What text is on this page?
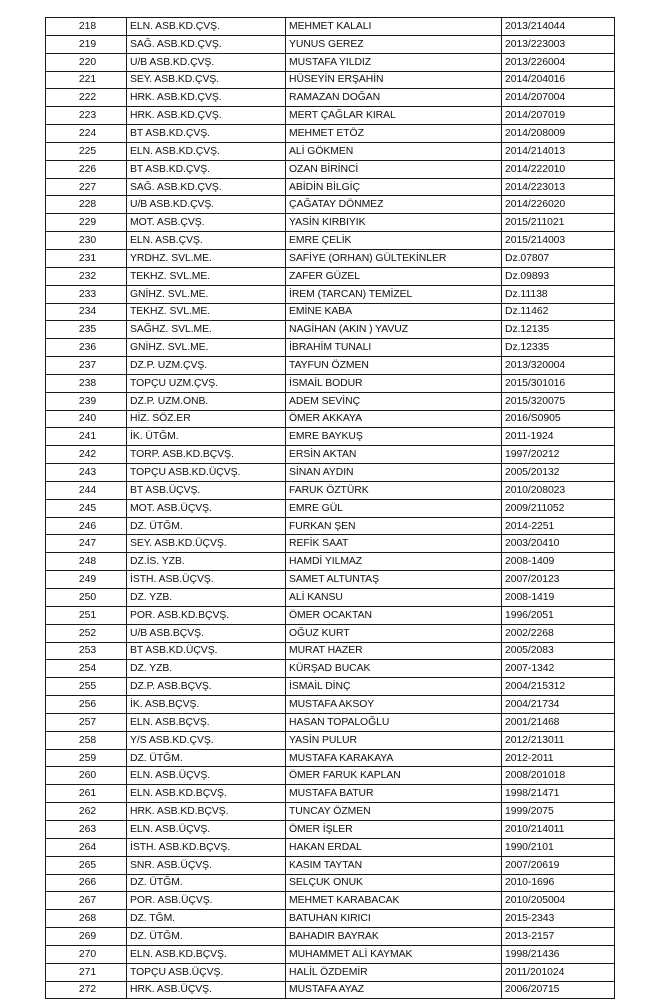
218	ELN. ASB.KD.ÇVŞ.	MEHMET KALALI	2013/214044
219	SAĞ. ASB.KD.ÇVŞ.	YUNUS GEREZ	2013/223003
220	U/B ASB.KD.ÇVŞ.	MUSTAFA YILDIZ	2013/226004
221	SEY. ASB.KD.ÇVŞ.	HÜSEYİN ERŞAHİN	2014/204016
222	HRK. ASB.KD.ÇVŞ.	RAMAZAN DOĞAN	2014/207004
223	HRK. ASB.KD.ÇVŞ.	MERT ÇAĞLAR KIRAL	2014/207019
224	BT ASB.KD.ÇVŞ.	MEHMET ETÖZ	2014/208009
225	ELN. ASB.KD.ÇVŞ.	ALİ GÖKMEN	2014/214013
226	BT ASB.KD.ÇVŞ.	OZAN BİRİNCİ	2014/222010
227	SAĞ. ASB.KD.ÇVŞ.	ABİDİN BİLGİÇ	2014/223013
228	U/B ASB.KD.ÇVŞ.	ÇAĞATAY DÖNMEZ	2014/226020
229	MOT. ASB.ÇVŞ.	YASİN KIRBIYIK	2015/211021
230	ELN. ASB.ÇVŞ.	EMRE ÇELİK	2015/214003
231	YRDHZ. SVL.ME.	SAFİYE (ORHAN) GÜLTEKİNLER	Dz.07807
232	TEKHZ. SVL.ME.	ZAFER GÜZEL	Dz.09893
233	GNİHZ. SVL.ME.	İREM (TARCAN) TEMİZEL	Dz.11138
234	TEKHZ. SVL.ME.	EMİNE KABA	Dz.11462
235	SAĞHZ. SVL.ME.	NAGİHAN (AKIN ) YAVUZ	Dz.12135
236	GNİHZ. SVL.ME.	İBRAHİM TUNALI	Dz.12335
237	DZ.P. UZM.ÇVŞ.	TAYFUN ÖZMEN	2013/320004
238	TOPÇU UZM.ÇVŞ.	İSMAİL BODUR	2015/301016
239	DZ.P. UZM.ONB.	ADEM SEVİNÇ	2015/320075
240	HİZ. SÖZ.ER	ÖMER AKKAYA	2016/S0905
241	İK. ÜTĞM.	EMRE BAYKUŞ	2011-1924
242	TORP. ASB.KD.BÇVŞ.	ERSİN AKTAN	1997/20212
243	TOPÇU ASB.KD.ÜÇVŞ.	SİNAN AYDIN	2005/20132
244	BT ASB.ÜÇVŞ.	FARUK ÖZTÜRK	2010/208023
245	MOT. ASB.ÜÇVŞ.	EMRE GÜL	2009/211052
246	DZ. ÜTĞM.	FURKAN ŞEN	2014-2251
247	SEY. ASB.KD.ÜÇVŞ.	REFİK SAAT	2003/20410
248	DZ.İS. YZB.	HAMDİ YILMAZ	2008-1409
249	İSTH. ASB.ÜÇVŞ.	SAMET ALTUNTAŞ	2007/20123
250	DZ. YZB.	ALİ KANSU	2008-1419
251	POR. ASB.KD.BÇVŞ.	ÖMER OCAKTAN	1996/2051
252	U/B ASB.BÇVŞ.	OĞUZ KURT	2002/2268
253	BT ASB.KD.ÜÇVŞ.	MURAT HAZER	2005/2083
254	DZ. YZB.	KÜRŞAD BUCAK	2007-1342
255	DZ.P. ASB.BÇVŞ.	İSMAİL DİNÇ	2004/215312
256	İK. ASB.BÇVŞ.	MUSTAFA AKSOY	2004/21734
257	ELN. ASB.BÇVŞ.	HASAN TOPALOĞLU	2001/21468
258	Y/S ASB.KD.ÇVŞ.	YASİN PULUR	2012/213011
259	DZ. ÜTĞM.	MUSTAFA KARAKAYA	2012-2011
260	ELN. ASB.ÜÇVŞ.	ÖMER FARUK KAPLAN	2008/201018
261	ELN. ASB.KD.BÇVŞ.	MUSTAFA BATUR	1998/21471
262	HRK. ASB.KD.BÇVŞ.	TUNCAY ÖZMEN	1999/2075
263	ELN. ASB.ÜÇVŞ.	ÖMER İŞLER	2010/214011
264	İSTH. ASB.KD.BÇVŞ.	HAKAN ERDAL	1990/2101
265	SNR. ASB.ÜÇVŞ.	KASIM TAYTAN	2007/20619
266	DZ. ÜTĞM.	SELÇUK ONUK	2010-1696
267	POR. ASB.ÜÇVŞ.	MEHMET KARABACAK	2010/205004
268	DZ. TĞM.	BATUHAN KIRICI	2015-2343
269	DZ. ÜTĞM.	BAHADIR BAYRAK	2013-2157
270	ELN. ASB.KD.BÇVŞ.	MUHAMMET ALİ KAYMAK	1998/21436
271	TOPÇU ASB.ÜÇVŞ.	HALİL ÖZDEMİR	2011/201024
272	HRK. ASB.ÜÇVŞ.	MUSTAFA AYAZ	2006/20715
